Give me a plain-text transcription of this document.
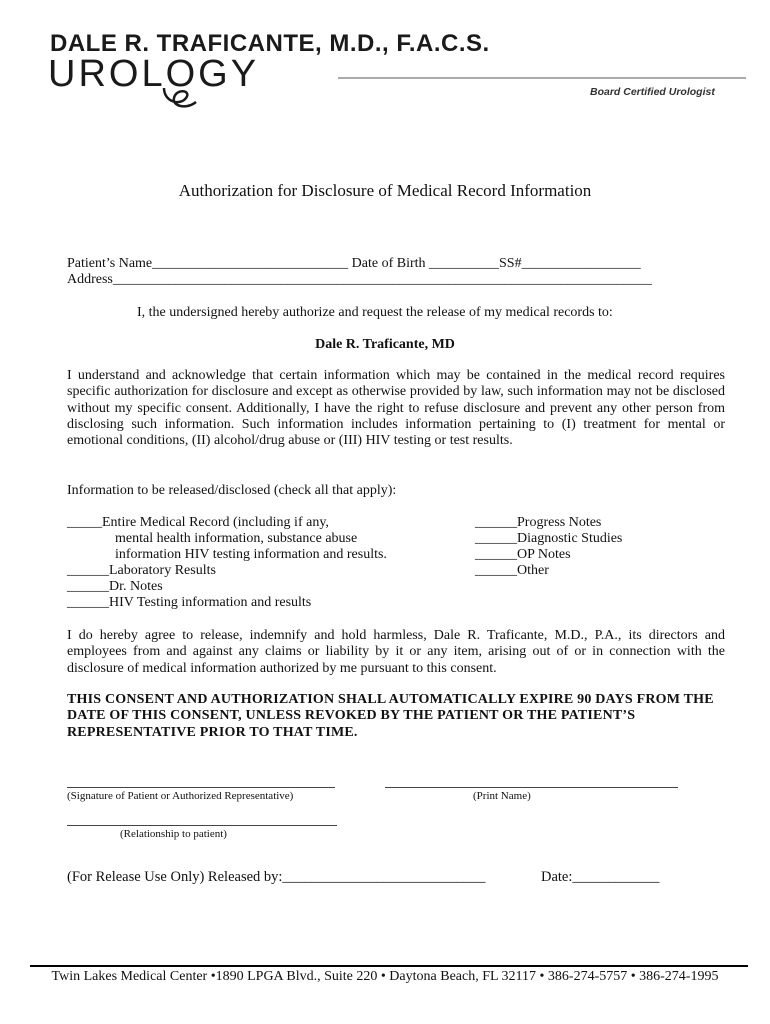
DALE R. TRAFICANTE, M.D., F.A.C.S.
UROLOGY	Board Certified Urologist
Authorization for Disclosure of Medical Record Information
Patient’s Name____________________________ Date of Birth __________SS#_________________
Address_____________________________________________________________________________
I, the undersigned hereby authorize and request the release of my medical records to:
Dale R. Traficante, MD

I understand and acknowledge that certain information which may be contained in the medical record requires specific authorization for disclosure and except as otherwise provided by law, such information may not be disclosed without my specific consent. Additionally, I have the right to refuse disclosure and prevent any other person from disclosing such information. Such information includes information pertaining to (I) treatment for mental or emotional conditions, (II) alcohol/drug abuse or (III) HIV testing or test results.

Information to be released/disclosed (check all that apply):
_____Entire Medical Record (including if any,
mental health information, substance abuse
information HIV testing information and results.
______Laboratory Results
______Dr. Notes
______HIV Testing information and results
______Progress Notes
______Diagnostic Studies
______OP Notes
______Other

I do hereby agree to release, indemnify and hold harmless, Dale R. Traficante, M.D., P.A., its directors and employees from and against any claims or liability by it or any item, arising out of or in connection with the disclosure of medical information authorized by me pursuant to this consent.

THIS CONSENT AND AUTHORIZATION SHALL AUTOMATICALLY EXPIRE 90 DAYS FROM THE DATE OF THIS CONSENT, UNLESS REVOKED BY THE PATIENT OR THE PATIENT’S REPRESENTATIVE PRIOR TO THAT TIME.

(Signature of Patient or Authorized Representative)	(Print Name)
(Relationship to patient)
(For Release Use Only) Released by:____________________________	Date:____________
Twin Lakes Medical Center •1890 LPGA Blvd., Suite 220 • Daytona Beach, FL 32117 • 386-274-5757 • 386-274-1995
